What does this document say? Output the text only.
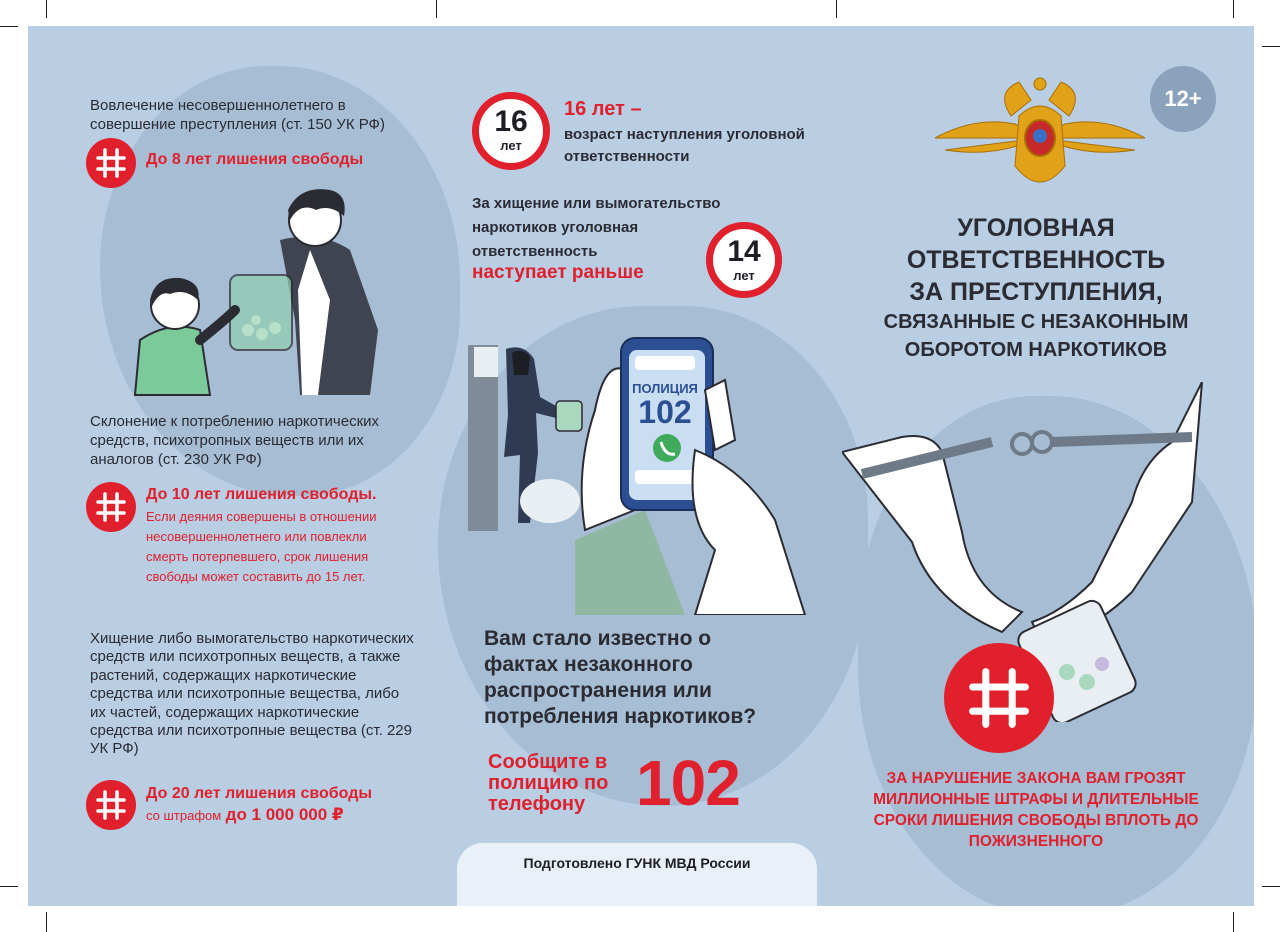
Вовлечение несовершеннолетнего в совершение преступления (ст. 150 УК РФ)
До 8 лет лишения свободы
Склонение к потреблению наркотических средств, психотропных веществ или их аналогов (ст. 230 УК РФ)
До 10 лет лишения свободы.
Если деяния совершены в отношении несовершеннолетнего или повлекли смерть потерпевшего, срок лишения свободы может составить до 15 лет.
Хищение либо вымогательство наркотических средств или психотропных веществ, а также растений, содержащих наркотические средства или психотропные вещества, либо их частей, содержащих наркотические средства или психотропные вещества (ст. 229 УК РФ)
До 20 лет лишения свободы
со штрафом до 1 000 000 ₽
16
лет
16 лет –
возраст наступления уголовной ответственности
За хищение или вымогательство наркотиков уголовная ответственность
наступает раньше
14
лет
ПОЛИЦИЯ
102
Вам стало известно о фактах незаконного распространения или потребления наркотиков?
Сообщите в полицию по телефону 102
Подготовлено ГУНК МВД России
12+
УГОЛОВНАЯ
ОТВЕТСТВЕННОСТЬ
ЗА ПРЕСТУПЛЕНИЯ,
СВЯЗАННЫЕ С НЕЗАКОННЫМ
ОБОРОТОМ НАРКОТИКОВ
ЗА НАРУШЕНИЕ ЗАКОНА ВАМ ГРОЗЯТ МИЛЛИОННЫЕ ШТРАФЫ И ДЛИТЕЛЬНЫЕ СРОКИ ЛИШЕНИЯ СВОБОДЫ ВПЛОТЬ ДО ПОЖИЗНЕННОГО
